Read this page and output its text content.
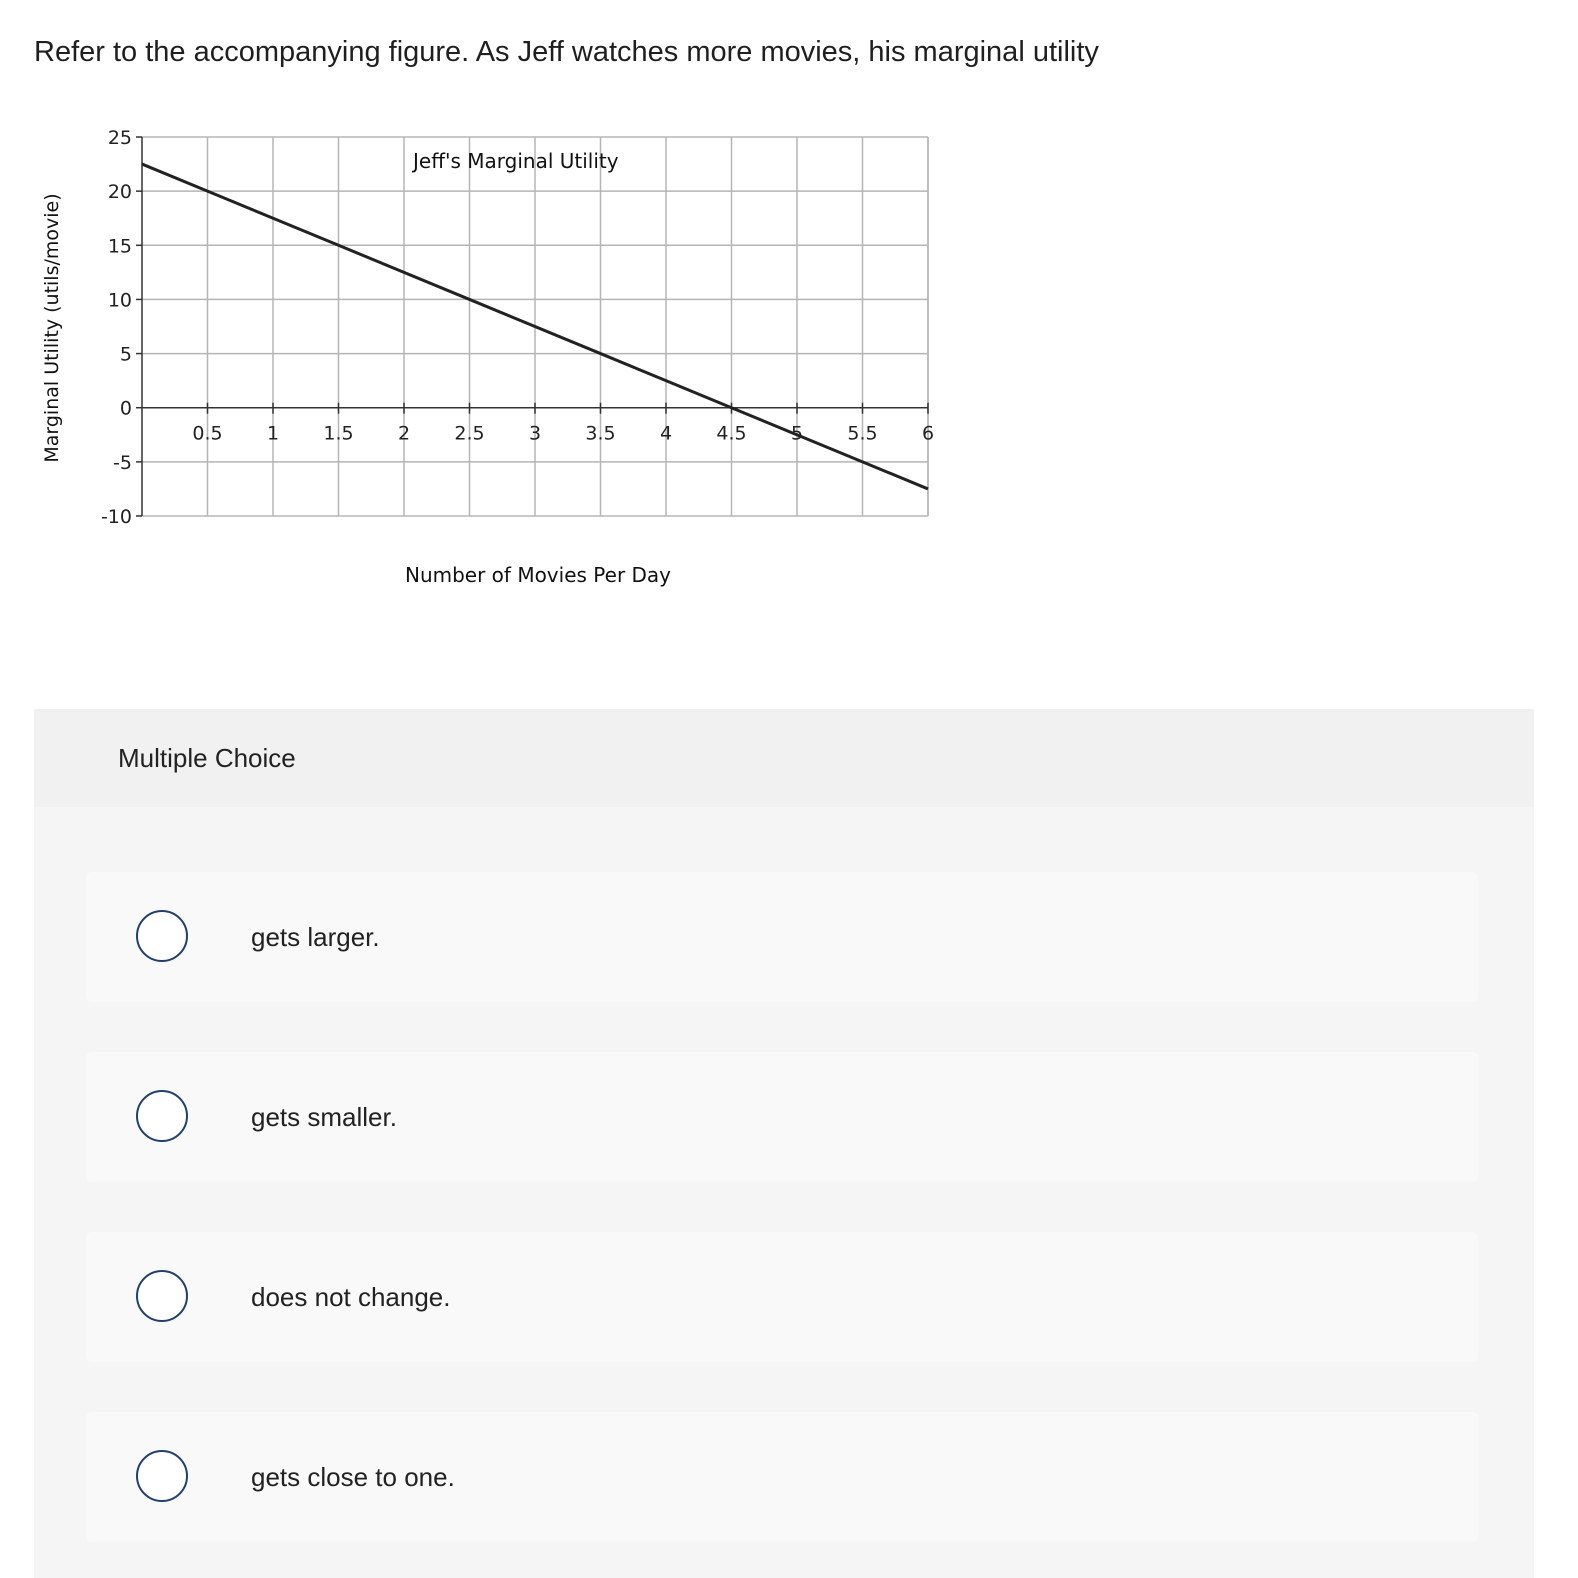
Refer to the accompanying figure. As Jeff watches more movies, his marginal utility

25
20
15
10
5
0
-5
-10
0.5 1 1.5 2 2.5 3 3.5 4 4.5 5 5.5 6
Jeff's Marginal Utility
Number of Movies Per Day
Marginal Utility (utils/movie)
Multiple Choice
gets larger.
gets smaller.
does not change.
gets close to one.
